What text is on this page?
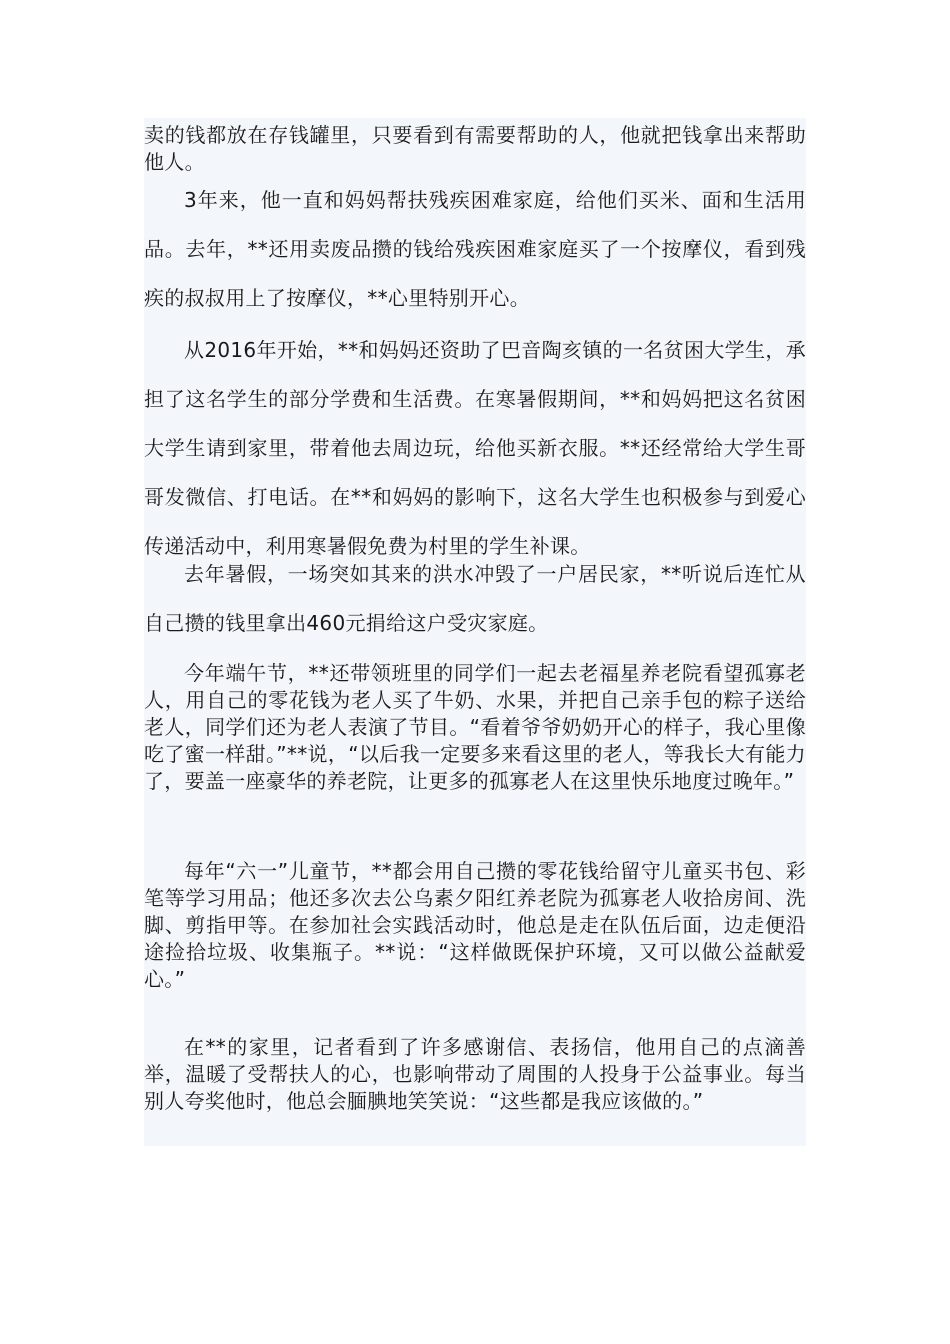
卖的钱都放在存钱罐里，只要看到有需要帮助的人，他就把钱拿出来帮助他人。

3年来，他一直和妈妈帮扶残疾困难家庭，给他们买米、面和生活用品。去年，**还用卖废品攒的钱给残疾困难家庭买了一个按摩仪，看到残疾的叔叔用上了按摩仪，**心里特别开心。

从2016年开始，**和妈妈还资助了巴音陶亥镇的一名贫困大学生，承担了这名学生的部分学费和生活费。在寒暑假期间，**和妈妈把这名贫困大学生请到家里，带着他去周边玩，给他买新衣服。**还经常给大学生哥哥发微信、打电话。在**和妈妈的影响下，这名大学生也积极参与到爱心传递活动中，利用寒暑假免费为村里的学生补课。

去年暑假，一场突如其来的洪水冲毁了一户居民家，**听说后连忙从自己攒的钱里拿出460元捐给这户受灾家庭。

今年端午节，**还带领班里的同学们一起去老福星养老院看望孤寡老人，用自己的零花钱为老人买了牛奶、水果，并把自己亲手包的粽子送给老人，同学们还为老人表演了节目。“看着爷爷奶奶开心的样子，我心里像吃了蜜一样甜。”**说，“以后我一定要多来看这里的老人，等我长大有能力了，要盖一座豪华的养老院，让更多的孤寡老人在这里快乐地度过晚年。”

每年“六一”儿童节，**都会用自己攒的零花钱给留守儿童买书包、彩笔等学习用品；他还多次去公乌素夕阳红养老院为孤寡老人收拾房间、洗脚、剪指甲等。在参加社会实践活动时，他总是走在队伍后面，边走便沿途捡拾垃圾、收集瓶子。**说：“这样做既保护环境，又可以做公益献爱心。”

在**的家里，记者看到了许多感谢信、表扬信，他用自己的点滴善举，温暖了受帮扶人的心，也影响带动了周围的人投身于公益事业。每当别人夸奖他时，他总会腼腆地笑笑说：“这些都是我应该做的。”
